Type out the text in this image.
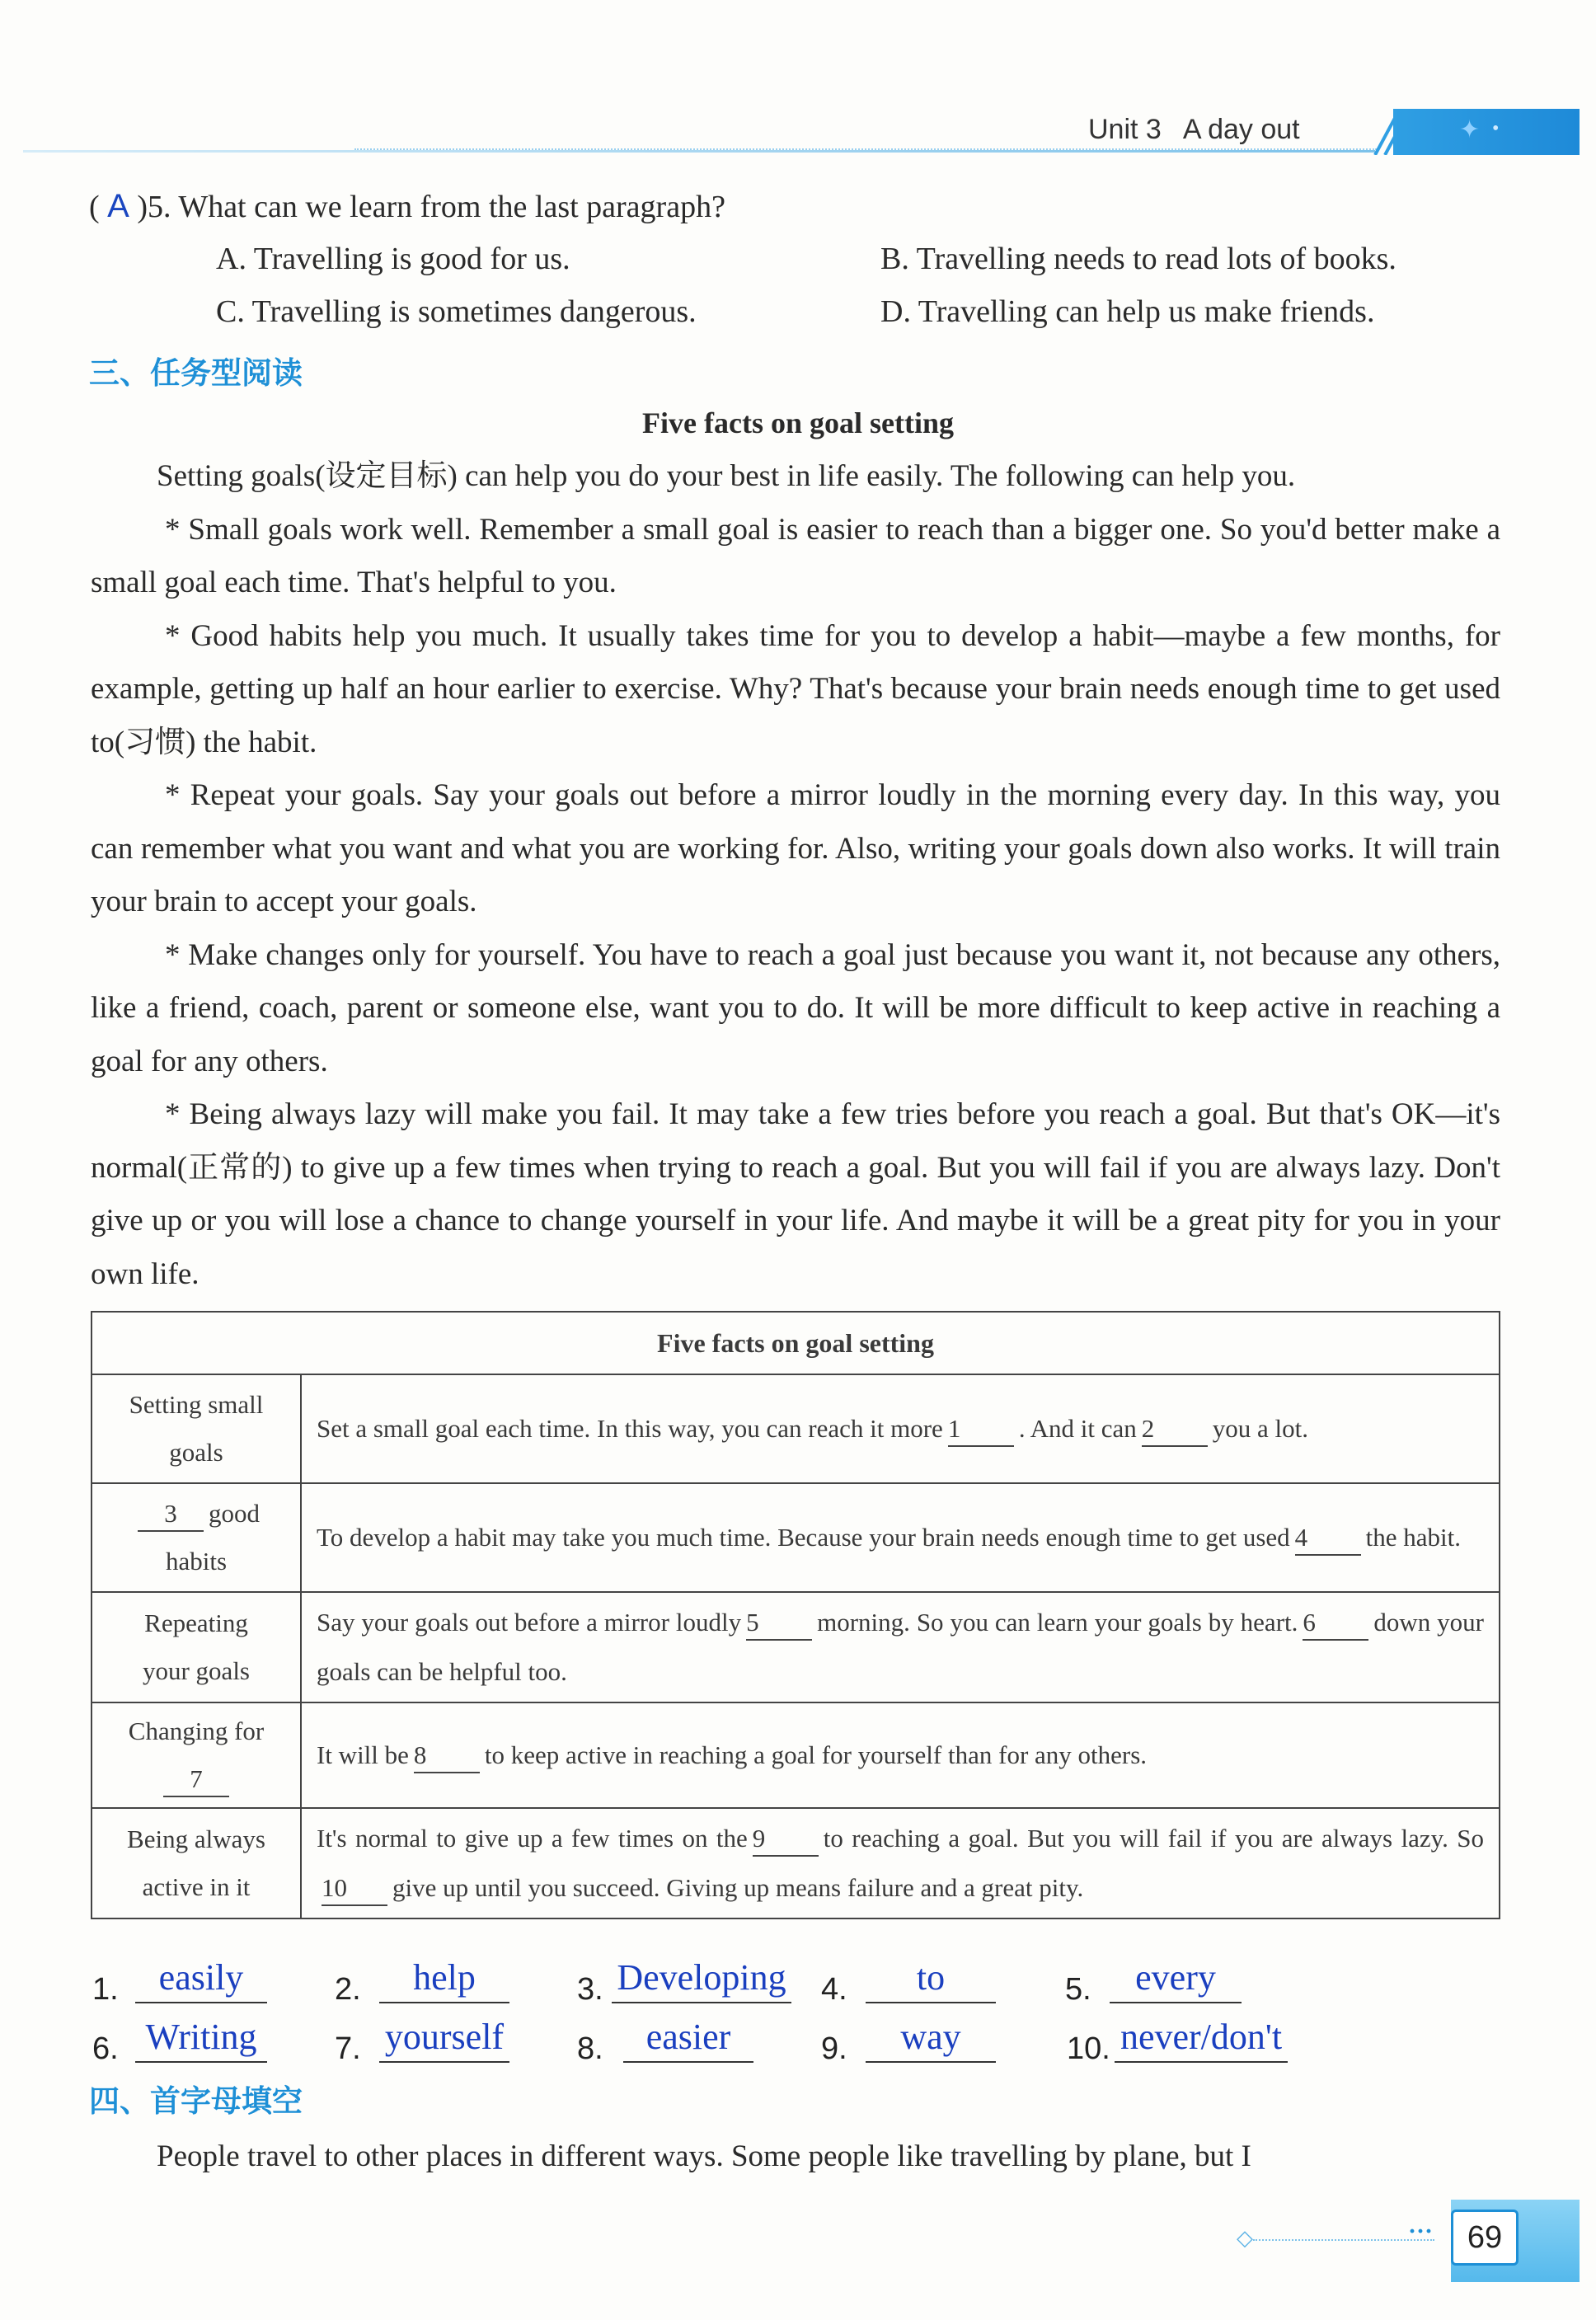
Unit 3 A day out	✦ •
( A )5. What can we learn from the last paragraph?
A. Travelling is good for us.	B. Travelling needs to read lots of books.
C. Travelling is sometimes dangerous.	D. Travelling can help us make friends.
三、任务型阅读
Five facts on goal setting

Setting goals(设定目标) can help you do your best in life easily. The following can help you.

* Small goals work well. Remember a small goal is easier to reach than a bigger one. So you'd better make a small goal each time. That's helpful to you.

* Good habits help you much. It usually takes time for you to develop a habit—maybe a few months, for example, getting up half an hour earlier to exercise. Why? That's because your brain needs enough time to get used to(习惯) the habit.

* Repeat your goals. Say your goals out before a mirror loudly in the morning every day. In this way, you can remember what you want and what you are working for. Also, writing your goals down also works. It will train your brain to accept your goals.

* Make changes only for yourself. You have to reach a goal just because you want it, not because any others, like a friend, coach, parent or someone else, want you to do. It will be more difficult to keep active in reaching a goal for any others.

* Being always lazy will make you fail. It may take a few tries before you reach a goal. But that's OK—it's normal(正常的) to give up a few times when trying to reach a goal. But you will fail if you are always lazy. Don't give up or you will lose a chance to change yourself in your life. And maybe it will be a great pity for you in your own life.

Five facts on goal setting	

Setting small
goals	Set a small goal each time. In this way, you can reach it more 1 . And it can 2 you a lot.

3 good
habits	To develop a habit may take you much time. Because your brain needs enough time to get used 4 the habit.

Repeating
your goals	Say your goals out before a mirror loudly 5 morning. So you can learn your goals by heart. 6 down your goals can be helpful too.

Changing for
7	It will be 8 to keep active in reaching a goal for yourself than for any others.

Being always
active in it	It's normal to give up a few times on the 9 to reaching a goal. But you will fail if you are always lazy. So10 give up until you succeed. Giving up means failure and a great pity.
1.	easily	2.	help	3. Developing 4.	to	5.	every
6. Writing	7. yourself 8.	easier	9.	way	10. never/don't
四、首字母填空

People travel to other places in different ways. Some people like travelling by plane, but I

◇	···	69
